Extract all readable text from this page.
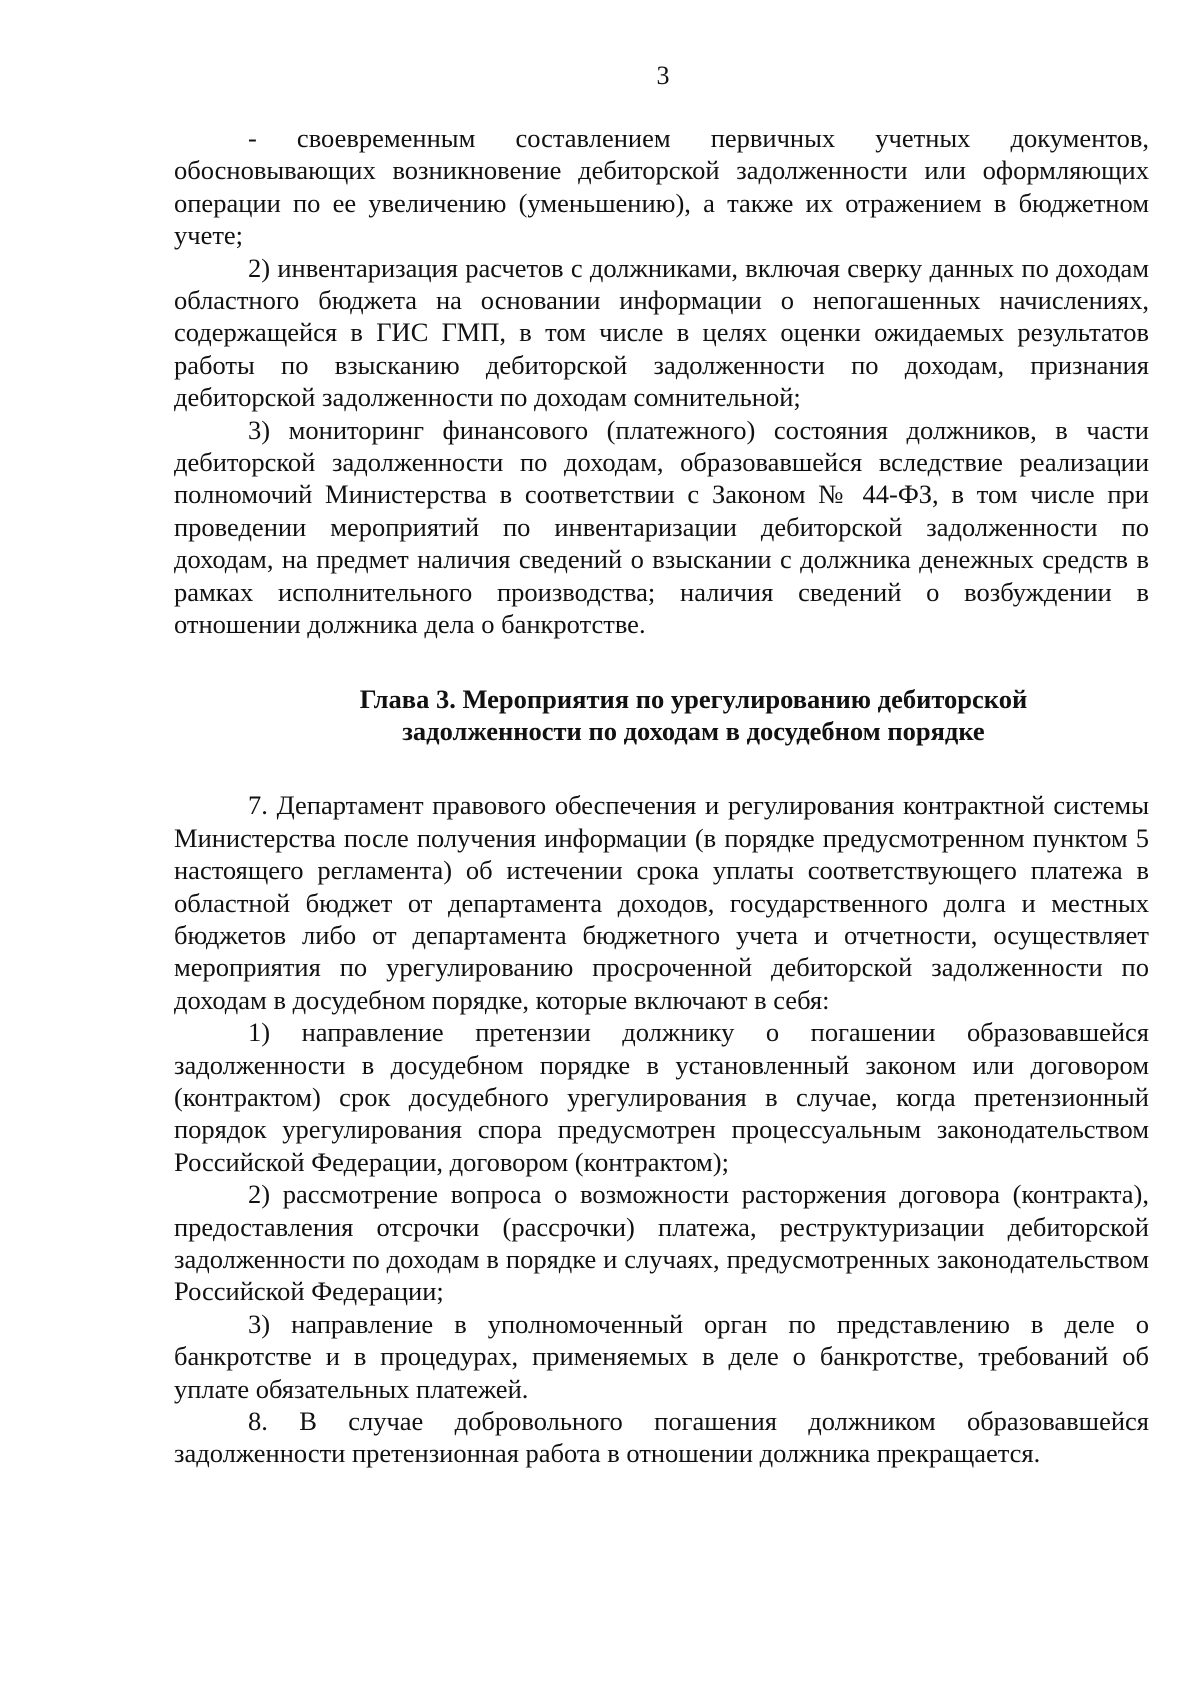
3

- своевременным составлением первичных учетных документов, обосновывающих возникновение дебиторской задолженности или оформляющих операции по ее увеличению (уменьшению), а также их отражением в бюджетном учете;

2) инвентаризация расчетов с должниками, включая сверку данных по доходам областного бюджета на основании информации о непогашенных начислениях, содержащейся в ГИС ГМП, в том числе в целях оценки ожидаемых результатов работы по взысканию дебиторской задолженности по доходам, признания дебиторской задолженности по доходам сомнительной;

3) мониторинг финансового (платежного) состояния должников, в части дебиторской задолженности по доходам, образовавшейся вследствие реализации полномочий Министерства в соответствии с Законом № 44-ФЗ, в том числе при проведении мероприятий по инвентаризации дебиторской задолженности по доходам, на предмет наличия сведений о взыскании с должника денежных средств в рамках исполнительного производства; наличия сведений о возбуждении в отношении должника дела о банкротстве.

Глава 3. Мероприятия по урегулированию дебиторской
задолженности по доходам в досудебном порядке

7. Департамент правового обеспечения и регулирования контрактной системы Министерства после получения информации (в порядке предусмотренном пунктом 5 настоящего регламента) об истечении срока уплаты соответствующего платежа в областной бюджет от департамента доходов, государственного долга и местных бюджетов либо от департамента бюджетного учета и отчетности, осуществляет мероприятия по урегулированию просроченной дебиторской задолженности по доходам в досудебном порядке, которые включают в себя:

1) направление претензии должнику о погашении образовавшейся задолженности в досудебном порядке в установленный законом или договором (контрактом) срок досудебного урегулирования в случае, когда претензионный порядок урегулирования спора предусмотрен процессуальным законодательством Российской Федерации, договором (контрактом);

2) рассмотрение вопроса о возможности расторжения договора (контракта), предоставления отсрочки (рассрочки) платежа, реструктуризации дебиторской задолженности по доходам в порядке и случаях, предусмотренных законодательством Российской Федерации;

3) направление в уполномоченный орган по представлению в деле о банкротстве и в процедурах, применяемых в деле о банкротстве, требований об уплате обязательных платежей.

8. В случае добровольного погашения должником образовавшейся задолженности претензионная работа в отношении должника прекращается.
